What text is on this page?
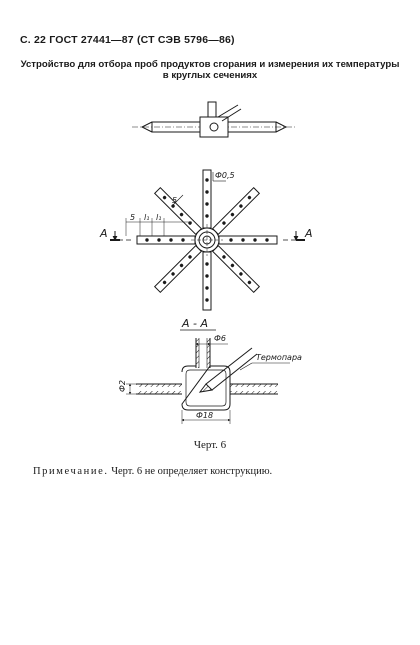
С. 22 ГОСТ 27441—87 (СТ СЭВ 5796—86)
Устройство для отбора проб продуктов сгорания и измерения их температуры
в круглых сечениях
Ф0,5
5
5 l₁ l₁
А	А
А - А
Ф6
Термопара
Ф2
Ф18
Черт. 6
Примечание. Черт. 6 не определяет конструкцию.
